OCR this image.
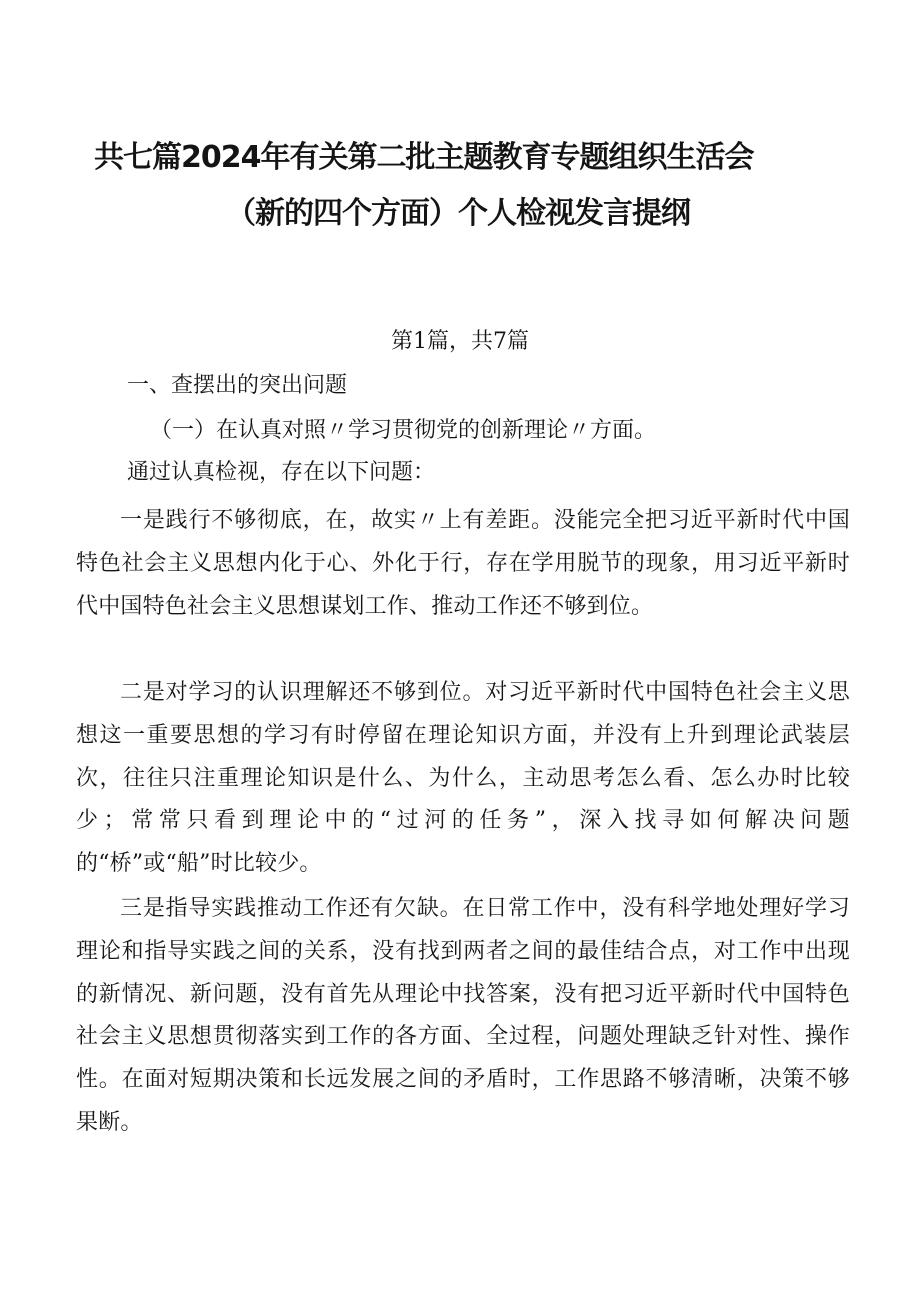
共七篇2024年有关第二批主题教育专题组织生活会
（新的四个方面）个人检视发言提纲
第1篇，共7篇
一、查摆出的突出问题
（一）在认真对照〃学习贯彻党的创新理论〃方面。
通过认真检视，存在以下问题：
一是践行不够彻底，在，故实〃上有差距。没能完全把习近平新时代中国特色社会主义思想内化于心、外化于行，存在学用脱节的现象，用习近平新时代中国特色社会主义思想谋划工作、推动工作还不够到位。
二是对学习的认识理解还不够到位。对习近平新时代中国特色社会主义思想这一重要思想的学习有时停留在理论知识方面，并没有上升到理论武装层次，往往只注重理论知识是什么、为什么，主动思考怎么看、怎么办时比较少；常常只看到理论中的“过河的任务”，深入找寻如何解决问题的“桥”或“船”时比较少。
三是指导实践推动工作还有欠缺。在日常工作中，没有科学地处理好学习理论和指导实践之间的关系，没有找到两者之间的最佳结合点，对工作中出现的新情况、新问题，没有首先从理论中找答案，没有把习近平新时代中国特色社会主义思想贯彻落实到工作的各方面、全过程，问题处理缺乏针对性、操作性。在面对短期决策和长远发展之间的矛盾时，工作思路不够清晰，决策不够果断。
